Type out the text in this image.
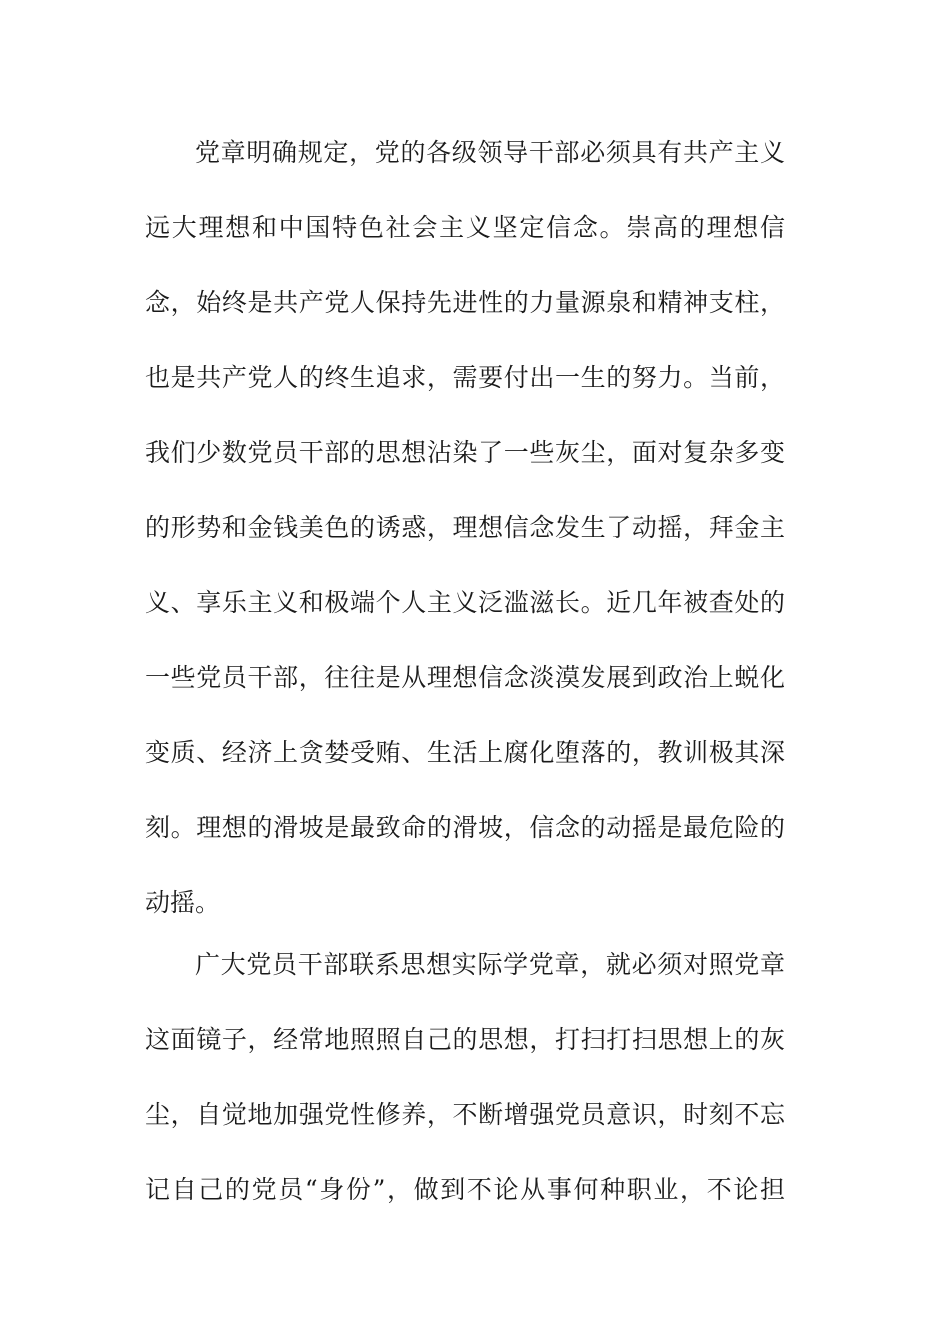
党章明确规定，党的各级领导干部必须具有共产主义
远大理想和中国特色社会主义坚定信念。崇高的理想信
念，始终是共产党人保持先进性的力量源泉和精神支柱，
也是共产党人的终生追求，需要付出一生的努力。当前，
我们少数党员干部的思想沾染了一些灰尘，面对复杂多变
的形势和金钱美色的诱惑，理想信念发生了动摇，拜金主
义、享乐主义和极端个人主义泛滥滋长。近几年被查处的
一些党员干部，往往是从理想信念淡漠发展到政治上蜕化
变质、经济上贪婪受贿、生活上腐化堕落的，教训极其深
刻。理想的滑坡是最致命的滑坡，信念的动摇是最危险的
动摇。
广大党员干部联系思想实际学党章，就必须对照党章
这面镜子，经常地照照自己的思想，打扫打扫思想上的灰
尘，自觉地加强党性修养，不断增强党员意识，时刻不忘
记自己的党员“身份”，做到不论从事何种职业，不论担
